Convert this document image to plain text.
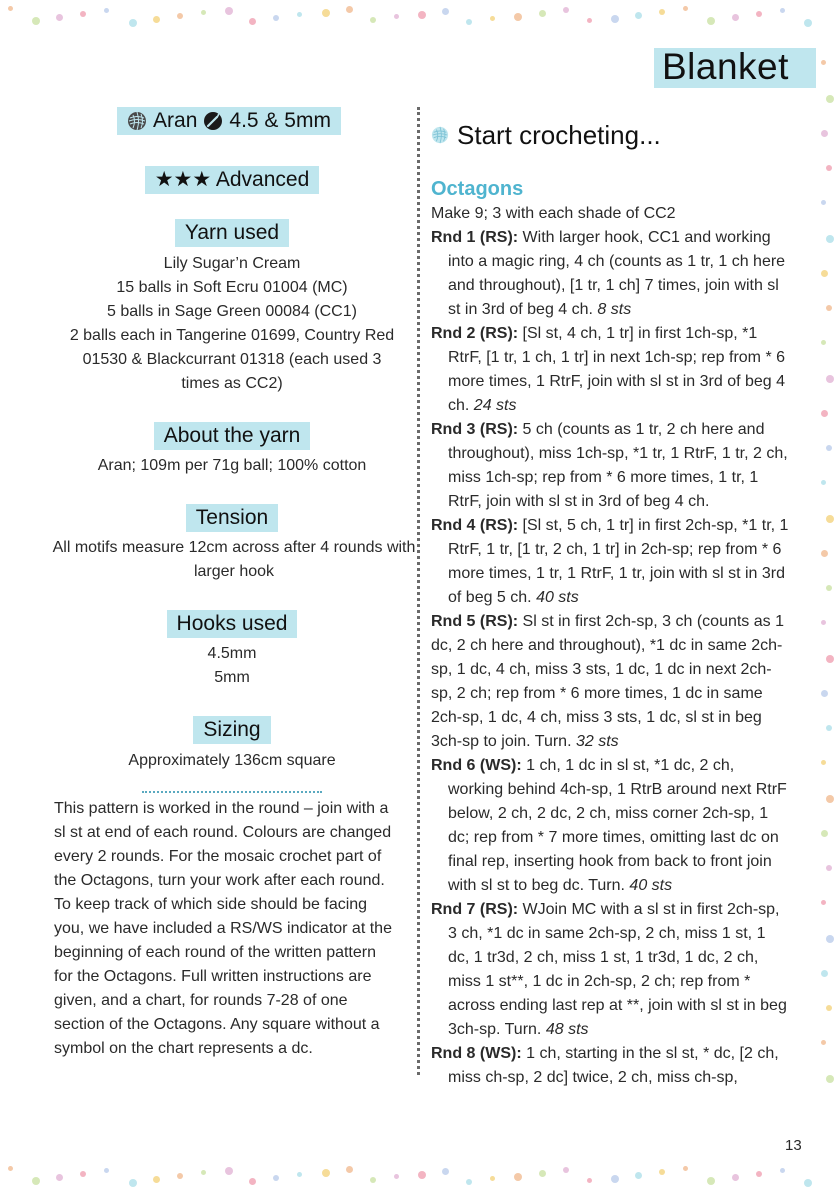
Blanket
Aran 4.5 & 5mm
★★★ Advanced
Yarn used
Lily Sugar’n Cream
15 balls in Soft Ecru 01004 (MC)
5 balls in Sage Green 00084 (CC1)
2 balls each in Tangerine 01699, Country Red 01530 & Blackcurrant 01318 (each used 3 times as CC2)
About the yarn
Aran; 109m per 71g ball; 100% cotton
Tension
All motifs measure 12cm across after 4 rounds with larger hook
Hooks used
4.5mm
5mm
Sizing
Approximately 136cm square
This pattern is worked in the round – join with a sl st at end of each round. Colours are changed every 2 rounds. For the mosaic crochet part of the Octagons, turn your work after each round. To keep track of which side should be facing you, we have included a RS/WS indicator at the beginning of each round of the written pattern for the Octagons. Full written instructions are given, and a chart, for rounds 7-28 of one section of the Octagons. Any square without a symbol on the chart represents a dc.
Start crocheting...
Octagons
Make 9; 3 with each shade of CC2
Rnd 1 (RS): With larger hook, CC1 and working into a magic ring, 4 ch (counts as 1 tr, 1 ch here and throughout), [1 tr, 1 ch] 7 times, join with sl st in 3rd of beg 4 ch. 8 sts
Rnd 2 (RS): [Sl st, 4 ch, 1 tr] in first 1ch-sp, *1 RtrF, [1 tr, 1 ch, 1 tr] in next 1ch-sp; rep from * 6 more times, 1 RtrF, join with sl st in 3rd of beg 4 ch. 24 sts
Rnd 3 (RS): 5 ch (counts as 1 tr, 2 ch here and throughout), miss 1ch-sp, *1 tr, 1 RtrF, 1 tr, 2 ch, miss 1ch-sp; rep from * 6 more times, 1 tr, 1 RtrF, join with sl st in 3rd of beg 4 ch.
Rnd 4 (RS): [Sl st, 5 ch, 1 tr] in first 2ch-sp, *1 tr, 1 RtrF, 1 tr, [1 tr, 2 ch, 1 tr] in 2ch-sp; rep from * 6 more times, 1 tr, 1 RtrF, 1 tr, join with sl st in 3rd of beg 5 ch. 40 sts
Rnd 5 (RS): Sl st in first 2ch-sp, 3 ch (counts as 1 dc, 2 ch here and throughout), *1 dc in same 2ch-sp, 1 dc, 4 ch, miss 3 sts, 1 dc, 1 dc in next 2ch-sp, 2 ch; rep from * 6 more times, 1 dc in same 2ch-sp, 1 dc, 4 ch, miss 3 sts, 1 dc, sl st in beg 3ch-sp to join. Turn. 32 sts
Rnd 6 (WS): 1 ch, 1 dc in sl st, *1 dc, 2 ch, working behind 4ch-sp, 1 RtrB around next RtrF below, 2 ch, 2 dc, 2 ch, miss corner 2ch-sp, 1 dc; rep from * 7 more times, omitting last dc on final rep, inserting hook from back to front join with sl st to beg dc. Turn. 40 sts
Rnd 7 (RS): WJoin MC with a sl st in first 2ch-sp, 3 ch, *1 dc in same 2ch-sp, 2 ch, miss 1 st, 1 dc, 1 tr3d, 2 ch, miss 1 st, 1 tr3d, 1 dc, 2 ch, miss 1 st**, 1 dc in 2ch-sp, 2 ch; rep from * across ending last rep at **, join with sl st in beg 3ch-sp. Turn. 48 sts
Rnd 8 (WS): 1 ch, starting in the sl st, * dc, [2 ch, miss ch-sp, 2 dc] twice, 2 ch, miss ch-sp,
13
